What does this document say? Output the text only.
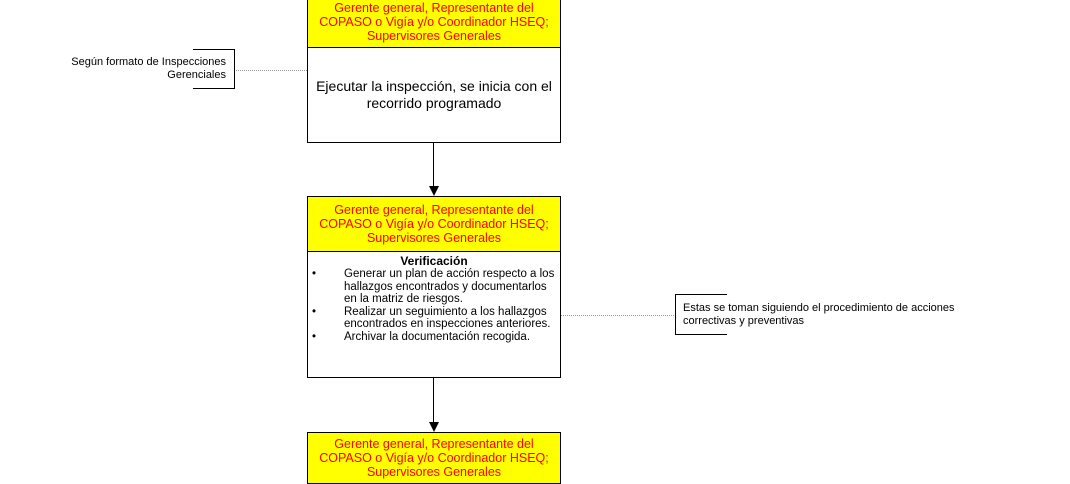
Gerente general, Representante del COPASO o Vigía y/o Coordinador HSEQ; Supervisores Generales
Ejecutar la inspección, se inicia con el recorrido programado
Según formato de Inspecciones Gerenciales
Gerente general, Representante del COPASO o Vigía y/o Coordinador HSEQ; Supervisores Generales
Verificación
• Generar un plan de acción respecto a los hallazgos encontrados y documentarlos en la matriz de riesgos.
• Realizar un seguimiento a los hallazgos encontrados en inspecciones anteriores.
• Archivar la documentación recogida.
Estas se toman siguiendo el procedimiento de acciones correctivas y preventivas
Gerente general, Representante del COPASO o Vigía y/o Coordinador HSEQ; Supervisores Generales
